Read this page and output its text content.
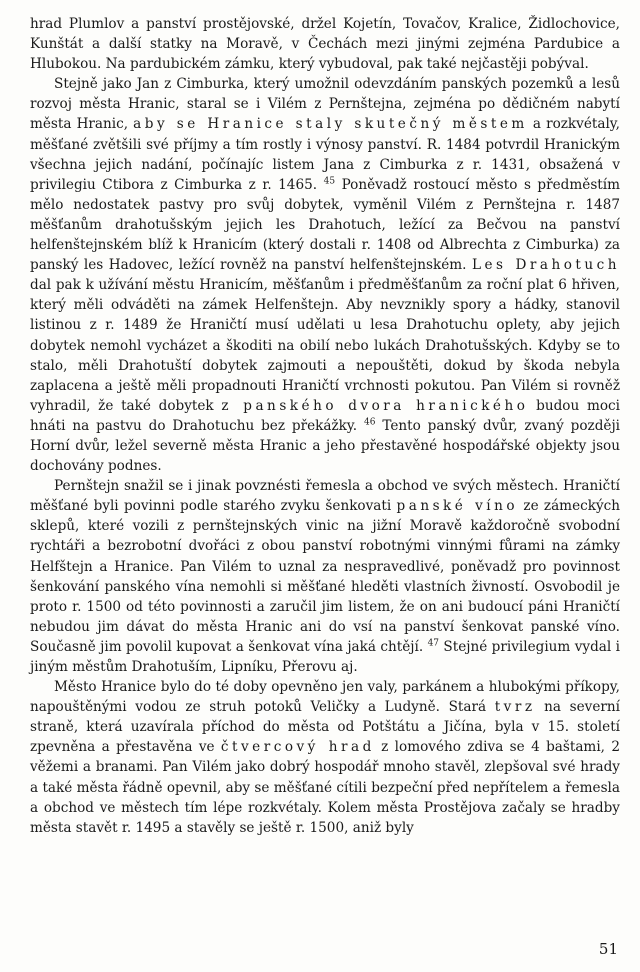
hrad Plumlov a panství prostějovské, držel Kojetín, Tovačov, Kralice, Židlochovice, Kunštát a další statky na Moravě, v Čechách mezi jinými zejména Pardubice a Hlubokou. Na pardubickém zámku, který vybudoval, pak také nejčastěji pobýval.

Stejně jako Jan z Cimburka, který umožnil odevzdáním panských pozemků a lesů rozvoj města Hranic, staral se i Vilém z Pernštejna, zejména po dědičném nabytí města Hranic, aby se Hranice staly skutečný městem a rozkvétaly, měšťané zvětšili své příjmy a tím rostly i výnosy panství. R. 1484 potvrdil Hranickým všechna jejich nadání, počínajíc listem Jana z Cimburka z r. 1431, obsažená v privilegiu Ctibora z Cimburka z r. 1465. $^{45}$ Poněvadž rostoucí město s předměstím mělo nedostatek pastvy pro svůj dobytek, vyměnil Vilém z Pernštejna r. 1487 měšťanům drahotušským jejich les Drahotuch, ležící za Bečvou na panství helfenštejnském blíž k Hranicím (který dostali r. 1408 od Albrechta z Cimburka) za panský les Hadovec, ležící rovněž na panství helfenštejnském. Les Drahotuch dal pak k užívání městu Hranicím, měšťanům i předměšťanům za roční plat 6 hřiven, který měli odváděti na zámek Helfenštejn. Aby nevznikly spory a hádky, stanovil listinou z r. 1489 že Hraničtí musí udělati u lesa Drahotuchu oplety, aby jejich dobytek nemohl vycházet a škoditi na obilí nebo lukách Drahotušských. Kdyby se to stalo, měli Drahotuští dobytek zajmouti a nepouštěti, dokud by škoda nebyla zaplacena a ještě měli propadnouti Hraničtí vrchnosti pokutou. Pan Vilém si rovněž vyhradil, že také dobytek z panského dvora hranického budou moci hnáti na pastvu do Drahotuchu bez překážky. $^{46}$ Tento panský dvůr, zvaný později Horní dvůr, ležel severně města Hranic a jeho přestavěné hospodářské objekty jsou dochovány podnes.

Pernštejn snažil se i jinak povznésti řemesla a obchod ve svých městech. Hraničtí měšťané byli povinni podle starého zvyku šenkovati panské víno ze zámeckých sklepů, které vozili z pernštejnských vinic na jižní Moravě každoročně svobodní rychtáři a bezrobotní dvořáci z obou panství robotnými vinnými fůrami na zámky Helfštejn a Hranice. Pan Vilém to uznal za nespravedlivé, poněvadž pro povinnost šenkování panského vína nemohli si měšťané hleděti vlastních živností. Osvobodil je proto r. 1500 od této povinnosti a zaručil jim listem, že on ani budoucí páni Hraničtí nebudou jim dávat do města Hranic ani do vsí na panství šenkovat panské víno. Současně jim povolil kupovat a šenkovat vína jaká chtějí. $^{47}$ Stejné privilegium vydal i jiným městům Drahotuším, Lipníku, Přerovu aj.

Město Hranice bylo do té doby opevněno jen valy, parkánem a hlubokými příkopy, napouštěnými vodou ze struh potoků Veličky a Ludyně. Stará tvrz na severní straně, která uzavírala příchod do města od Potštátu a Jičína, byla v 15. století zpevněna a přestavěna ve čtvercový hrad z lomového zdiva se 4 baštami, 2 věžemi a branami. Pan Vilém jako dobrý hospodář mnoho stavěl, zlepšoval své hrady a také města řádně opevnil, aby se měšťané cítili bezpeční před nepřítelem a řemesla a obchod ve městech tím lépe rozkvétaly. Kolem města Prostějova začaly se hradby města stavět r. 1495 a stavěly se ještě r. 1500, aniž byly

51
